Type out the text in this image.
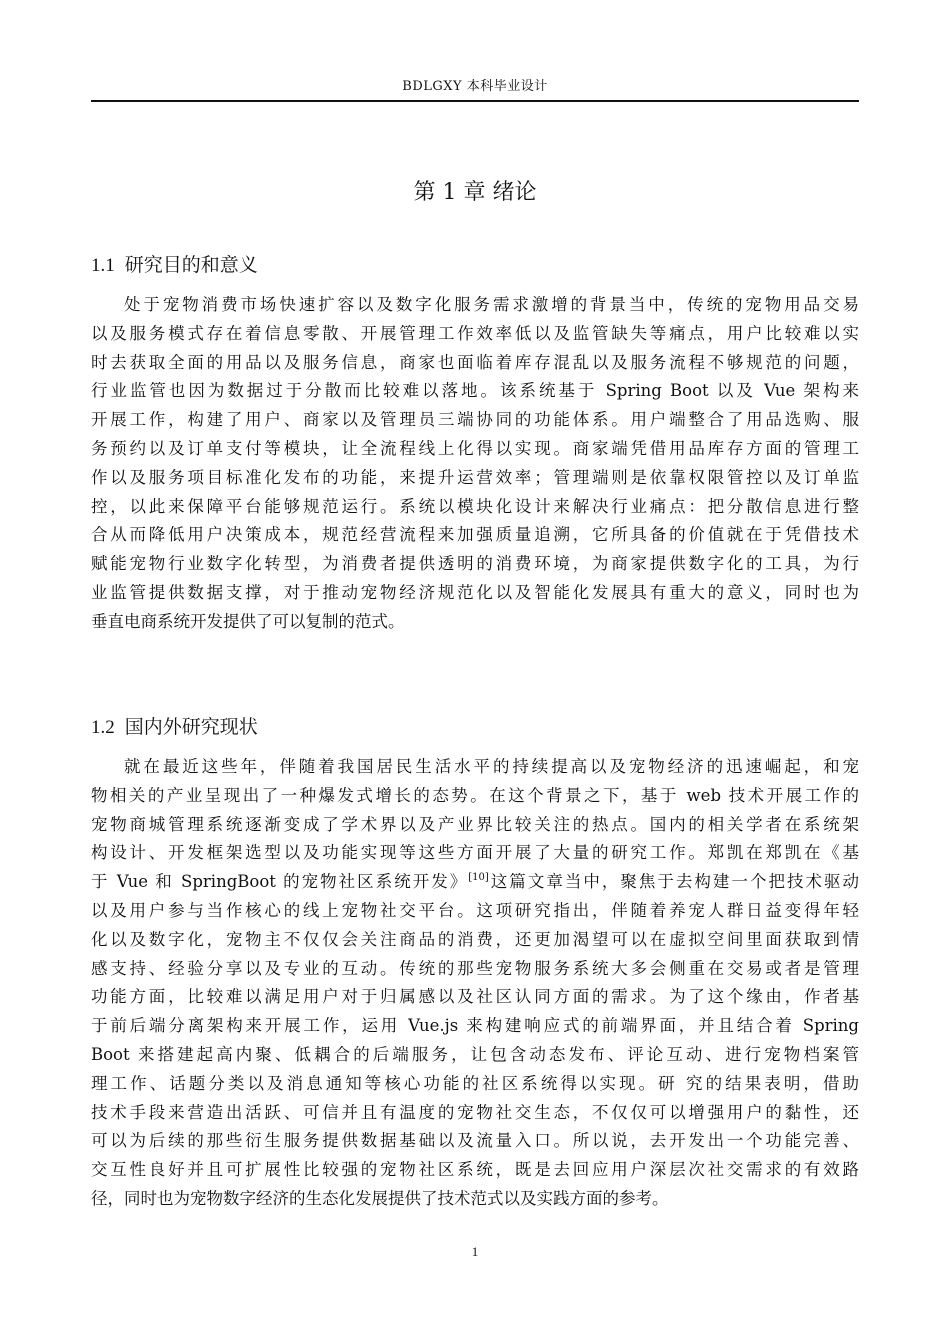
BDLGXY 本科毕业设计
第 1 章 绪论
1.1 研究目的和意义
处于宠物消费市场快速扩容以及数字化服务需求激增的背景当中，传统的宠物用品交易
以及服务模式存在着信息零散、开展管理工作效率低以及监管缺失等痛点，用户比较难以实
时去获取全面的用品以及服务信息，商家也面临着库存混乱以及服务流程不够规范的问题，
行业监管也因为数据过于分散而比较难以落地。该系统基于 Spring Boot 以及 Vue 架构来
开展工作，构建了用户、商家以及管理员三端协同的功能体系。用户端整合了用品选购、服
务预约以及订单支付等模块，让全流程线上化得以实现。商家端凭借用品库存方面的管理工
作以及服务项目标准化发布的功能，来提升运营效率；管理端则是依靠权限管控以及订单监
控，以此来保障平台能够规范运行。系统以模块化设计来解决行业痛点：把分散信息进行整
合从而降低用户决策成本，规范经营流程来加强质量追溯，它所具备的价值就在于凭借技术
赋能宠物行业数字化转型，为消费者提供透明的消费环境，为商家提供数字化的工具，为行
业监管提供数据支撑，对于推动宠物经济规范化以及智能化发展具有重大的意义，同时也为
垂直电商系统开发提供了可以复制的范式。
1.2 国内外研究现状
就在最近这些年，伴随着我国居民生活水平的持续提高以及宠物经济的迅速崛起，和宠
物相关的产业呈现出了一种爆发式增长的态势。在这个背景之下，基于 web 技术开展工作的
宠物商城管理系统逐渐变成了学术界以及产业界比较关注的热点。国内的相关学者在系统架
构设计、开发框架选型以及功能实现等这些方面开展了大量的研究工作。郑凯在郑凯在《基
于 Vue 和 SpringBoot 的宠物社区系统开发》[10]这篇文章当中，聚焦于去构建一个把技术驱动
以及用户参与当作核心的线上宠物社交平台。这项研究指出，伴随着养宠人群日益变得年轻
化以及数字化，宠物主不仅仅会关注商品的消费，还更加渴望可以在虚拟空间里面获取到情
感支持、经验分享以及专业的互动。传统的那些宠物服务系统大多会侧重在交易或者是管理
功能方面，比较难以满足用户对于归属感以及社区认同方面的需求。为了这个缘由，作者基
于前后端分离架构来开展工作，运用 Vue.js 来构建响应式的前端界面，并且结合着 Spring
Boot 来搭建起高内聚、低耦合的后端服务，让包含动态发布、评论互动、进行宠物档案管
理工作、话题分类以及消息通知等核心功能的社区系统得以实现。研 究的结果表明，借助
技术手段来营造出活跃、可信并且有温度的宠物社交生态，不仅仅可以增强用户的黏性，还
可以为后续的那些衍生服务提供数据基础以及流量入口。所以说，去开发出一个功能完善、
交互性良好并且可扩展性比较强的宠物社区系统，既是去回应用户深层次社交需求的有效路
径，同时也为宠物数字经济的生态化发展提供了技术范式以及实践方面的参考。
1
